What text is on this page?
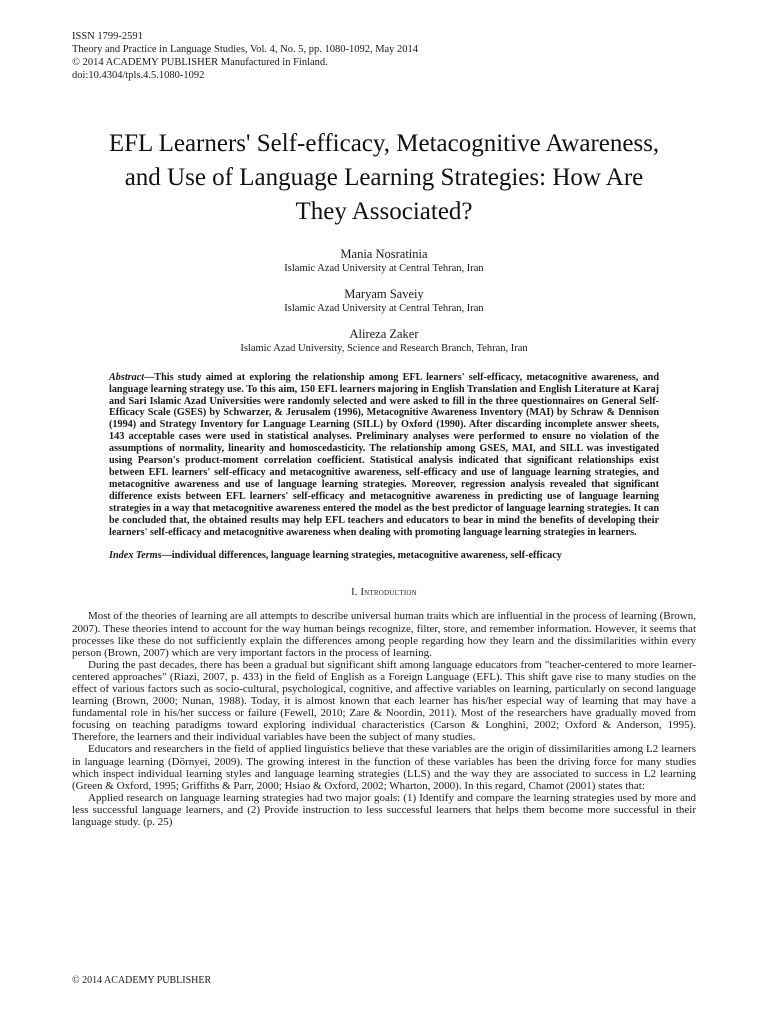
ISSN 1799-2591
Theory and Practice in Language Studies, Vol. 4, No. 5, pp. 1080-1092, May 2014
© 2014 ACADEMY PUBLISHER Manufactured in Finland.
doi:10.4304/tpls.4.5.1080-1092
EFL Learners' Self-efficacy, Metacognitive Awareness, and Use of Language Learning Strategies: How Are They Associated?
Mania Nosratinia
Islamic Azad University at Central Tehran, Iran
Maryam Saveiy
Islamic Azad University at Central Tehran, Iran
Alireza Zaker
Islamic Azad University, Science and Research Branch, Tehran, Iran
Abstract—This study aimed at exploring the relationship among EFL learners' self-efficacy, metacognitive awareness, and language learning strategy use. To this aim, 150 EFL learners majoring in English Translation and English Literature at Karaj and Sari Islamic Azad Universities were randomly selected and were asked to fill in the three questionnaires on General Self-Efficacy Scale (GSES) by Schwarzer, & Jerusalem (1996), Metacognitive Awareness Inventory (MAI) by Schraw & Dennison (1994) and Strategy Inventory for Language Learning (SILL) by Oxford (1990). After discarding incomplete answer sheets, 143 acceptable cases were used in statistical analyses. Preliminary analyses were performed to ensure no violation of the assumptions of normality, linearity and homoscedasticity. The relationship among GSES, MAI, and SILL was investigated using Pearson's product-moment correlation coefficient. Statistical analysis indicated that significant relationships exist between EFL learners' self-efficacy and metacognitive awareness, self-efficacy and use of language learning strategies, and metacognitive awareness and use of language learning strategies. Moreover, regression analysis revealed that significant difference exists between EFL learners' self-efficacy and metacognitive awareness in predicting use of language learning strategies in a way that metacognitive awareness entered the model as the best predictor of language learning strategies. It can be concluded that, the obtained results may help EFL teachers and educators to bear in mind the benefits of developing their learners' self-efficacy and metacognitive awareness when dealing with promoting language learning strategies in learners.
Index Terms—individual differences, language learning strategies, metacognitive awareness, self-efficacy
I. Introduction

Most of the theories of learning are all attempts to describe universal human traits which are influential in the process of learning (Brown, 2007). These theories intend to account for the way human beings recognize, filter, store, and remember information. However, it seems that processes like these do not sufficiently explain the differences among people regarding how they learn and the dissimilarities within every person (Brown, 2007) which are very important factors in the process of learning.

During the past decades, there has been a gradual but significant shift among language educators from "teacher-centered to more learner-centered approaches" (Riazi, 2007, p. 433) in the field of English as a Foreign Language (EFL). This shift gave rise to many studies on the effect of various factors such as socio-cultural, psychological, cognitive, and affective variables on learning, particularly on second language learning (Brown, 2000; Nunan, 1988). Today, it is almost known that each learner has his/her especial way of learning that may have a fundamental role in his/her success or failure (Fewell, 2010; Zare & Noordin, 2011). Most of the researchers have gradually moved from focusing on teaching paradigms toward exploring individual characteristics (Carson & Longhini, 2002; Oxford & Anderson, 1995). Therefore, the learners and their individual variables have been the subject of many studies.

Educators and researchers in the field of applied linguistics believe that these variables are the origin of dissimilarities among L2 learners in language learning (Dörnyei, 2009). The growing interest in the function of these variables has been the driving force for many studies which inspect individual learning styles and language learning strategies (LLS) and the way they are associated to success in L2 learning (Green & Oxford, 1995; Griffiths & Parr, 2000; Hsiao & Oxford, 2002; Wharton, 2000). In this regard, Chamot (2001) states that:

Applied research on language learning strategies had two major goals: (1) Identify and compare the learning strategies used by more and less successful language learners, and (2) Provide instruction to less successful learners that helps them become more successful in their language study. (p. 25)

© 2014 ACADEMY PUBLISHER
